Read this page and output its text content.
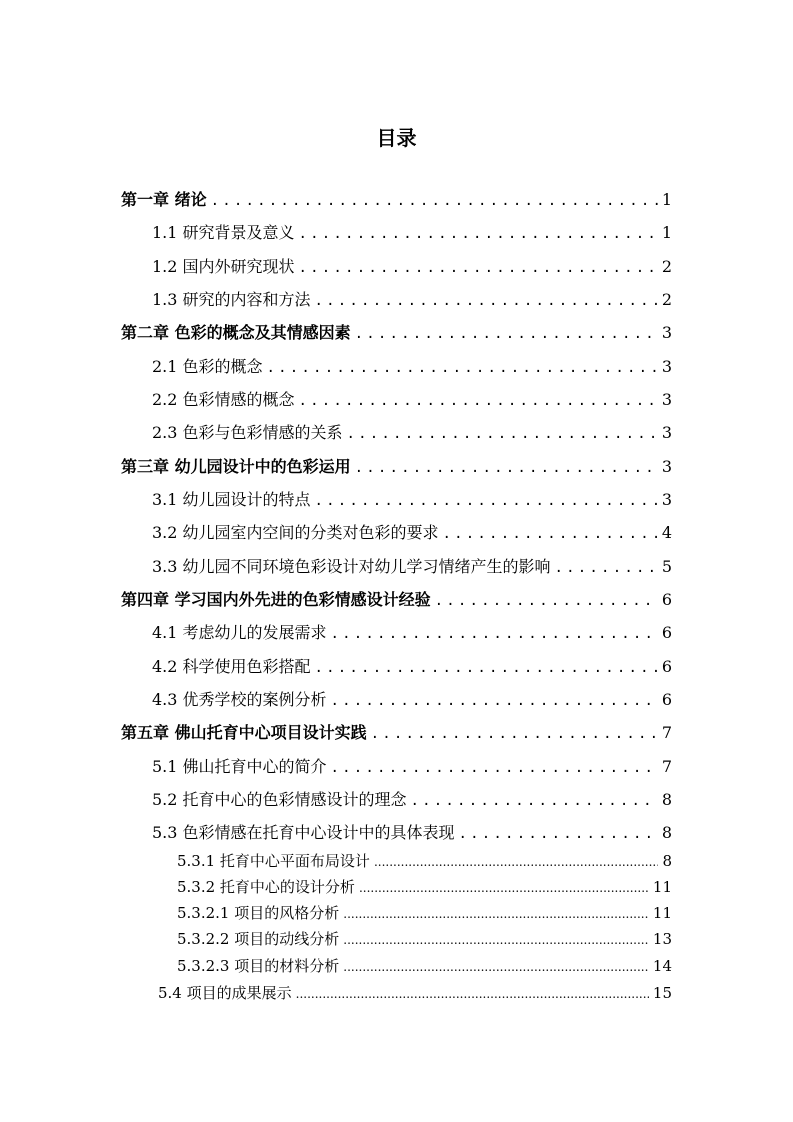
目录
第一章 绪论 .....	1
1.1 研究背景及意义 .....	1
1.2 国内外研究现状 .....	2
1.3 研究的内容和方法 .....	2
第二章 色彩的概念及其情感因素 .....	3
2.1 色彩的概念 .....	3
2.2 色彩情感的概念 .....	3
2.3 色彩与色彩情感的关系 .....	3
第三章 幼儿园设计中的色彩运用 .....	3
3.1 幼儿园设计的特点 .....	3
3.2 幼儿园室内空间的分类对色彩的要求 .....	4
3.3 幼儿园不同环境色彩设计对幼儿学习情绪产生的影响 .....	5
第四章 学习国内外先进的色彩情感设计经验 .....	6
4.1 考虑幼儿的发展需求 .....	6
4.2 科学使用色彩搭配 .....	6
4.3 优秀学校的案例分析 .....	6
第五章 佛山托育中心项目设计实践 .....	7
5.1 佛山托育中心的简介 .....	7
5.2 托育中心的色彩情感设计的理念 .....	8
5.3 色彩情感在托育中心设计中的具体表现 .....	8
5.3.1 托育中心平面布局设计 .....	8
5.3.2 托育中心的设计分析 .....	11
5.3.2.1 项目的风格分析 .....	11
5.3.2.2 项目的动线分析 .....	13
5.3.2.3 项目的材料分析 .....	14
5.4 项目的成果展示 .....	15
